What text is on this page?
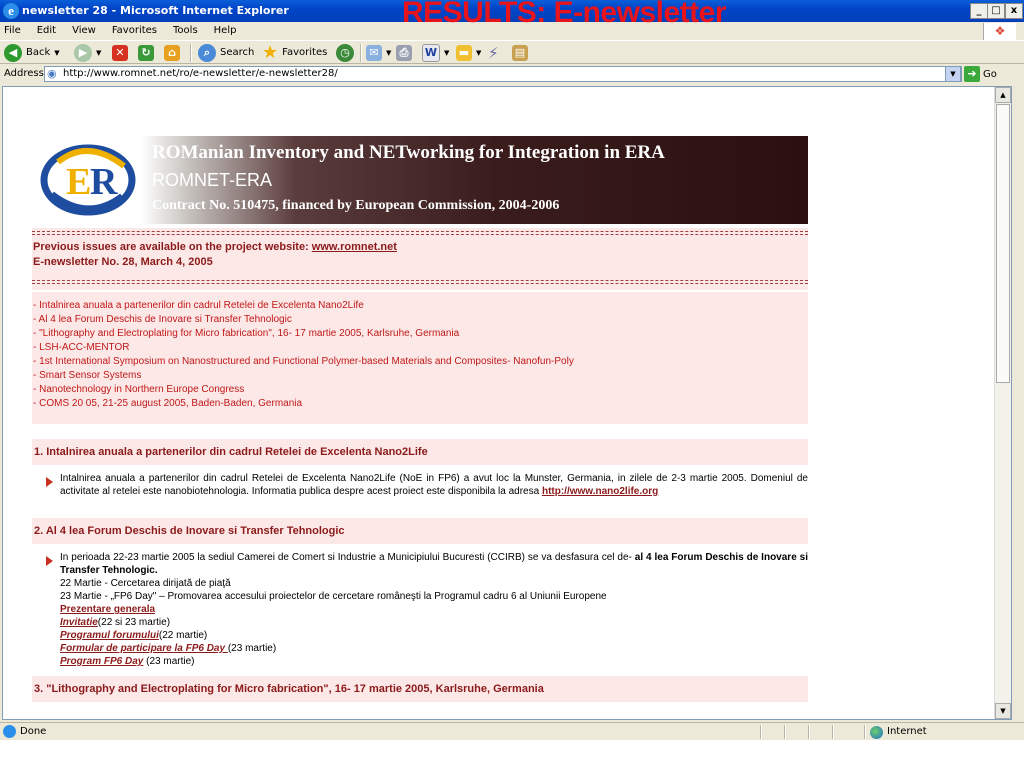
e newsletter 28 - Microsoft Internet Explorer	_ □	x
RESULTS: E-newsletter
File Edit View Favorites Tools Help	❖
◀ Back ▼	▶	▼	✕	↻	⌂	⌕ Search ★ Favorites	◷	✉	▼ ⎙	W ▼ ▬ ▼ ⚡ ▤
Address ◉ http://www.romnet.net/ro/e-newsletter/e-newsletter28/	▼	➜ Go
▲
▼
E
R
ROManian Inventory and NETworking for Integration in ERA
ROMNET-ERA
Contract No. 510475, financed by European Commission, 2004-2006
Previous issues are available on the project website: www.romnet.net
E-newsletter No. 28, March 4, 2005
- Intalnirea anuala a partenerilor din cadrul Retelei de Excelenta Nano2Life
- Al 4 lea Forum Deschis de Inovare si Transfer Tehnologic
- "Lithography and Electroplating for Micro fabrication", 16- 17 martie 2005, Karlsruhe, Germania
- LSH-ACC-MENTOR
- 1st International Symposium on Nanostructured and Functional Polymer-based Materials and Composites- Nanofun-Poly
- Smart Sensor Systems
- Nanotechnology in Northern Europe Congress
- COMS 20 05, 21-25 august 2005, Baden-Baden, Germania
1. Intalnirea anuala a partenerilor din cadrul Retelei de Excelenta Nano2Life
Intalnirea anuala a partenerilor din cadrul Retelei de Excelenta Nano2Life (NoE in FP6) a avut loc la Munster, Germania, in zilele de 2-3 martie 2005. Domeniul de activitate al retelei este nanobiotehnologia. Informatia publica despre acest proiect este disponibila la adresa http://www.nano2life.org
2. Al 4 lea Forum Deschis de Inovare si Transfer Tehnologic
In perioada 22-23 martie 2005 la sediul Camerei de Comert si Industrie a Municipiului Bucuresti (CCIRB) se va desfasura cel de- al 4 lea Forum Deschis de Inovare si Transfer Tehnologic.
22 Martie - Cercetarea dirijată de piaţă
23 Martie - „FP6 Day" – Promovarea accesului proiectelor de cercetare româneşti la Programul cadru 6 al Uniunii Europene
Prezentare generala
Invitatie(22 si 23 martie)
Programul forumului(22 martie)
Formular de participare la FP6 Day (23 martie)
Program FP6 Day (23 martie)
3. "Lithography and Electroplating for Micro fabrication", 16- 17 martie 2005, Karlsruhe, Germania
Done	Internet
